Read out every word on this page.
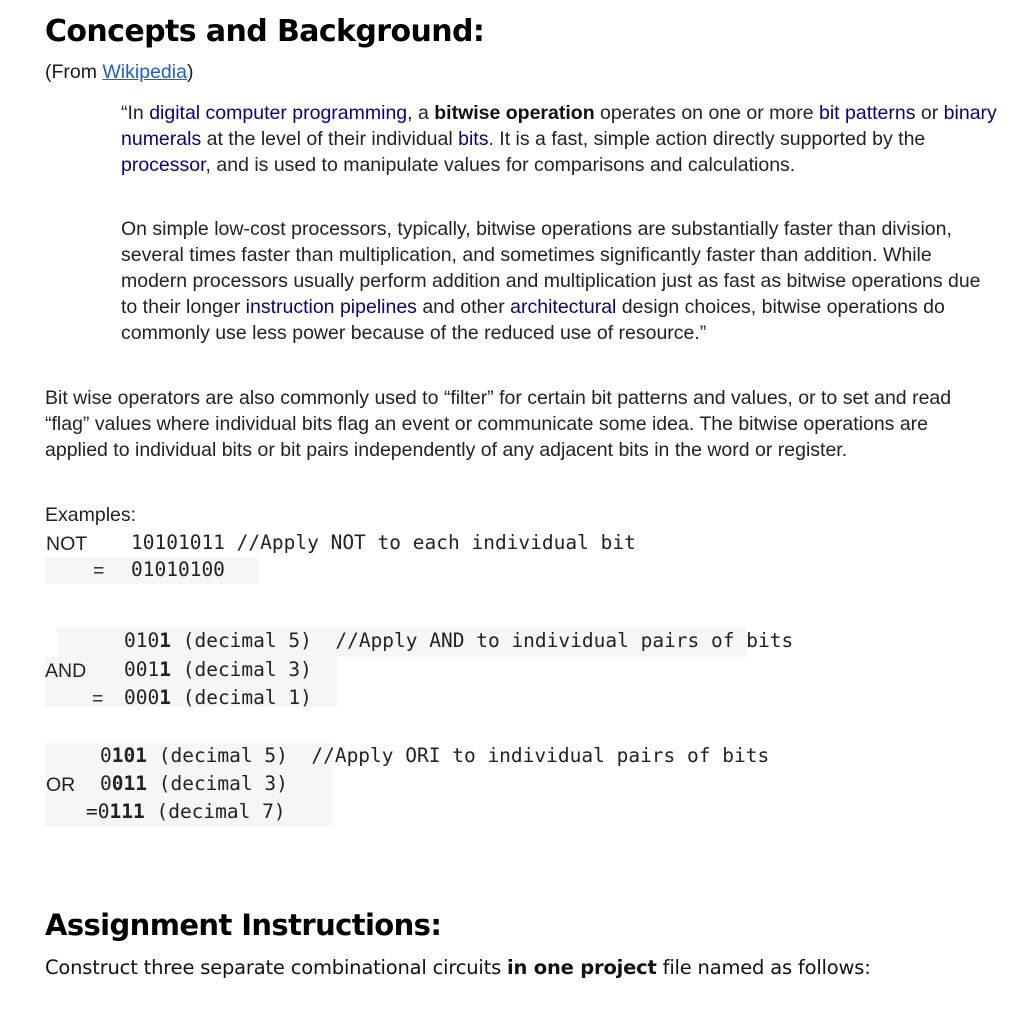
Concepts and Background:
(From Wikipedia)

“In digital computer programming, a bitwise operation operates on one or more bit patterns or binary numerals at the level of their individual bits. It is a fast, simple action directly supported by the processor, and is used to manipulate values for comparisons and calculations.

On simple low-cost processors, typically, bitwise operations are substantially faster than division, several times faster than multiplication, and sometimes significantly faster than addition. While modern processors usually perform addition and multiplication just as fast as bitwise operations due to their longer instruction pipelines and other architectural design choices, bitwise operations do commonly use less power because of the reduced use of resource.”

Bit wise operators are also commonly used to “filter” for certain bit patterns and values, or to set and read “flag” values where individual bits flag an event or communicate some idea. The bitwise operations are applied to individual bits or bit pairs independently of any adjacent bits in the word or register.

Examples:
NOT 10101011 //Apply NOT to each individual bit
= 01010100
0101 (decimal 5)  //Apply AND to individual pairs of bits
AND 0011 (decimal 3)
= 0001 (decimal 1)
0101 (decimal 5)  //Apply ORI to individual pairs of bits
OR 0011 (decimal 3)
=0111 (decimal 7)
Assignment Instructions:
Construct three separate combinational circuits in one project file named as follows:
